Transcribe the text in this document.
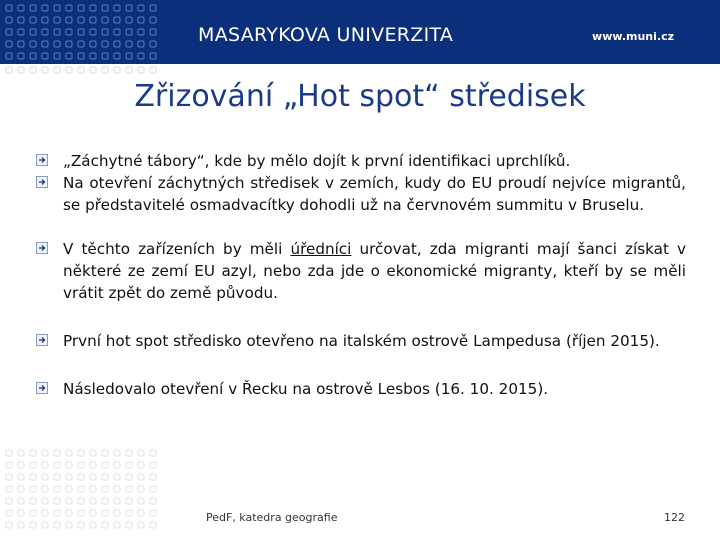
MASARYKOVA UNIVERZITA	www.muni.cz
Zřizování „Hot spot“ středisek
„Záchytné tábory“, kde by mělo dojít k první identifikaci uprchlíků.
Na otevření záchytných středisek v zemích, kudy do EU proudí nejvíce migrantů, se představitelé osmadvacítky dohodli už na červnovém summitu v Bruselu.
V těchto zařízeních by měli úředníci určovat, zda migranti mají šanci získat v některé ze zemí EU azyl, nebo zda jde o ekonomické migranty, kteří by se měli vrátit zpět do země původu.
První hot spot středisko otevřeno na italském ostrově Lampedusa (říjen 2015).
Následovalo otevření v Řecku na ostrově Lesbos (16. 10. 2015).
PedF, katedra geografie	122
